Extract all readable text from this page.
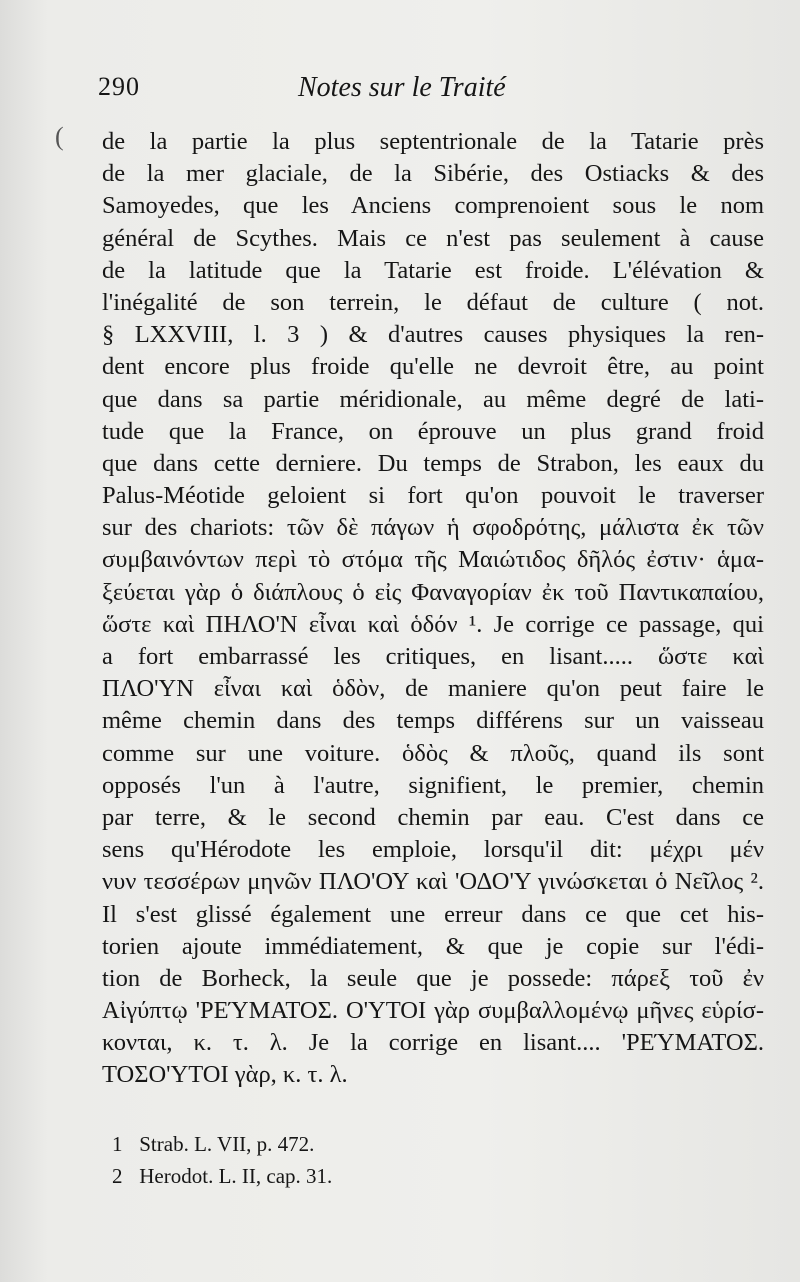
(
290	Notes sur le Traité
de la partie la plus septentrionale de la Tatarie près
de la mer glaciale, de la Sibérie, des Ostiacks & des
Samoyedes, que les Anciens comprenoient sous le nom
général de Scythes. Mais ce n'est pas seulement à cause
de la latitude que la Tatarie est froide. L'élévation &
l'inégalité de son terrein, le défaut de culture ( not.
§ LXXVIII, l. 3 ) & d'autres causes physiques la ren-
dent encore plus froide qu'elle ne devroit être, au point
que dans sa partie méridionale, au même degré de lati-
tude que la France, on éprouve un plus grand froid
que dans cette derniere. Du temps de Strabon, les eaux du
Palus-Méotide geloient si fort qu'on pouvoit le traverser
sur des chariots: τῶν δὲ πάγων ἡ σφοδρότης, μάλιστα ἐκ τῶν
συμβαινόντων περὶ τὸ στόμα τῆς Μαιώτιδος δῆλός ἐστιν· ἁμα-
ξεύεται γὰρ ὁ διάπλους ὁ εἰς Φαναγορίαν ἐκ τοῦ Παντικαπαίου,
ὥστε καὶ ΠΗΛΟ'Ν εἶναι καὶ ὁδόν ¹. Je corrige ce passage, qui
a fort embarrassé les critiques, en lisant..... ὥστε καὶ
ΠΛΟ'ΥΝ εἶναι καὶ ὁδὸν, de maniere qu'on peut faire le
même chemin dans des temps différens sur un vaisseau
comme sur une voiture. ὁδὸς & πλοῦς, quand ils sont
opposés l'un à l'autre, signifient, le premier, chemin
par terre, & le second chemin par eau. C'est dans ce
sens qu'Hérodote les emploie, lorsqu'il dit: μέχρι μέν
νυν τεσσέρων μηνῶν ΠΛΟ'ΟΥ καὶ 'ΟΔΟ'Υ γινώσκεται ὁ Νεῖλος ².
Il s'est glissé également une erreur dans ce que cet his-
torien ajoute immédiatement, & que je copie sur l'édi-
tion de Borheck, la seule que je possede: πάρεξ τοῦ ἐν
Αἰγύπτῳ 'ΡΕΎΜΑΤΟΣ. Ο'ΥΤΟΙ γὰρ συμβαλλομένῳ μῆνες εὑρίσ-
κονται, κ. τ. λ. Je la corrige en lisant.... 'ΡΕΎΜΑΤΟΣ.
ΤΟΣΟ'ΥΤΟΙ γὰρ, κ. τ. λ.
1 Strab. L. VII, p. 472.
2 Herodot. L. II, cap. 31.
